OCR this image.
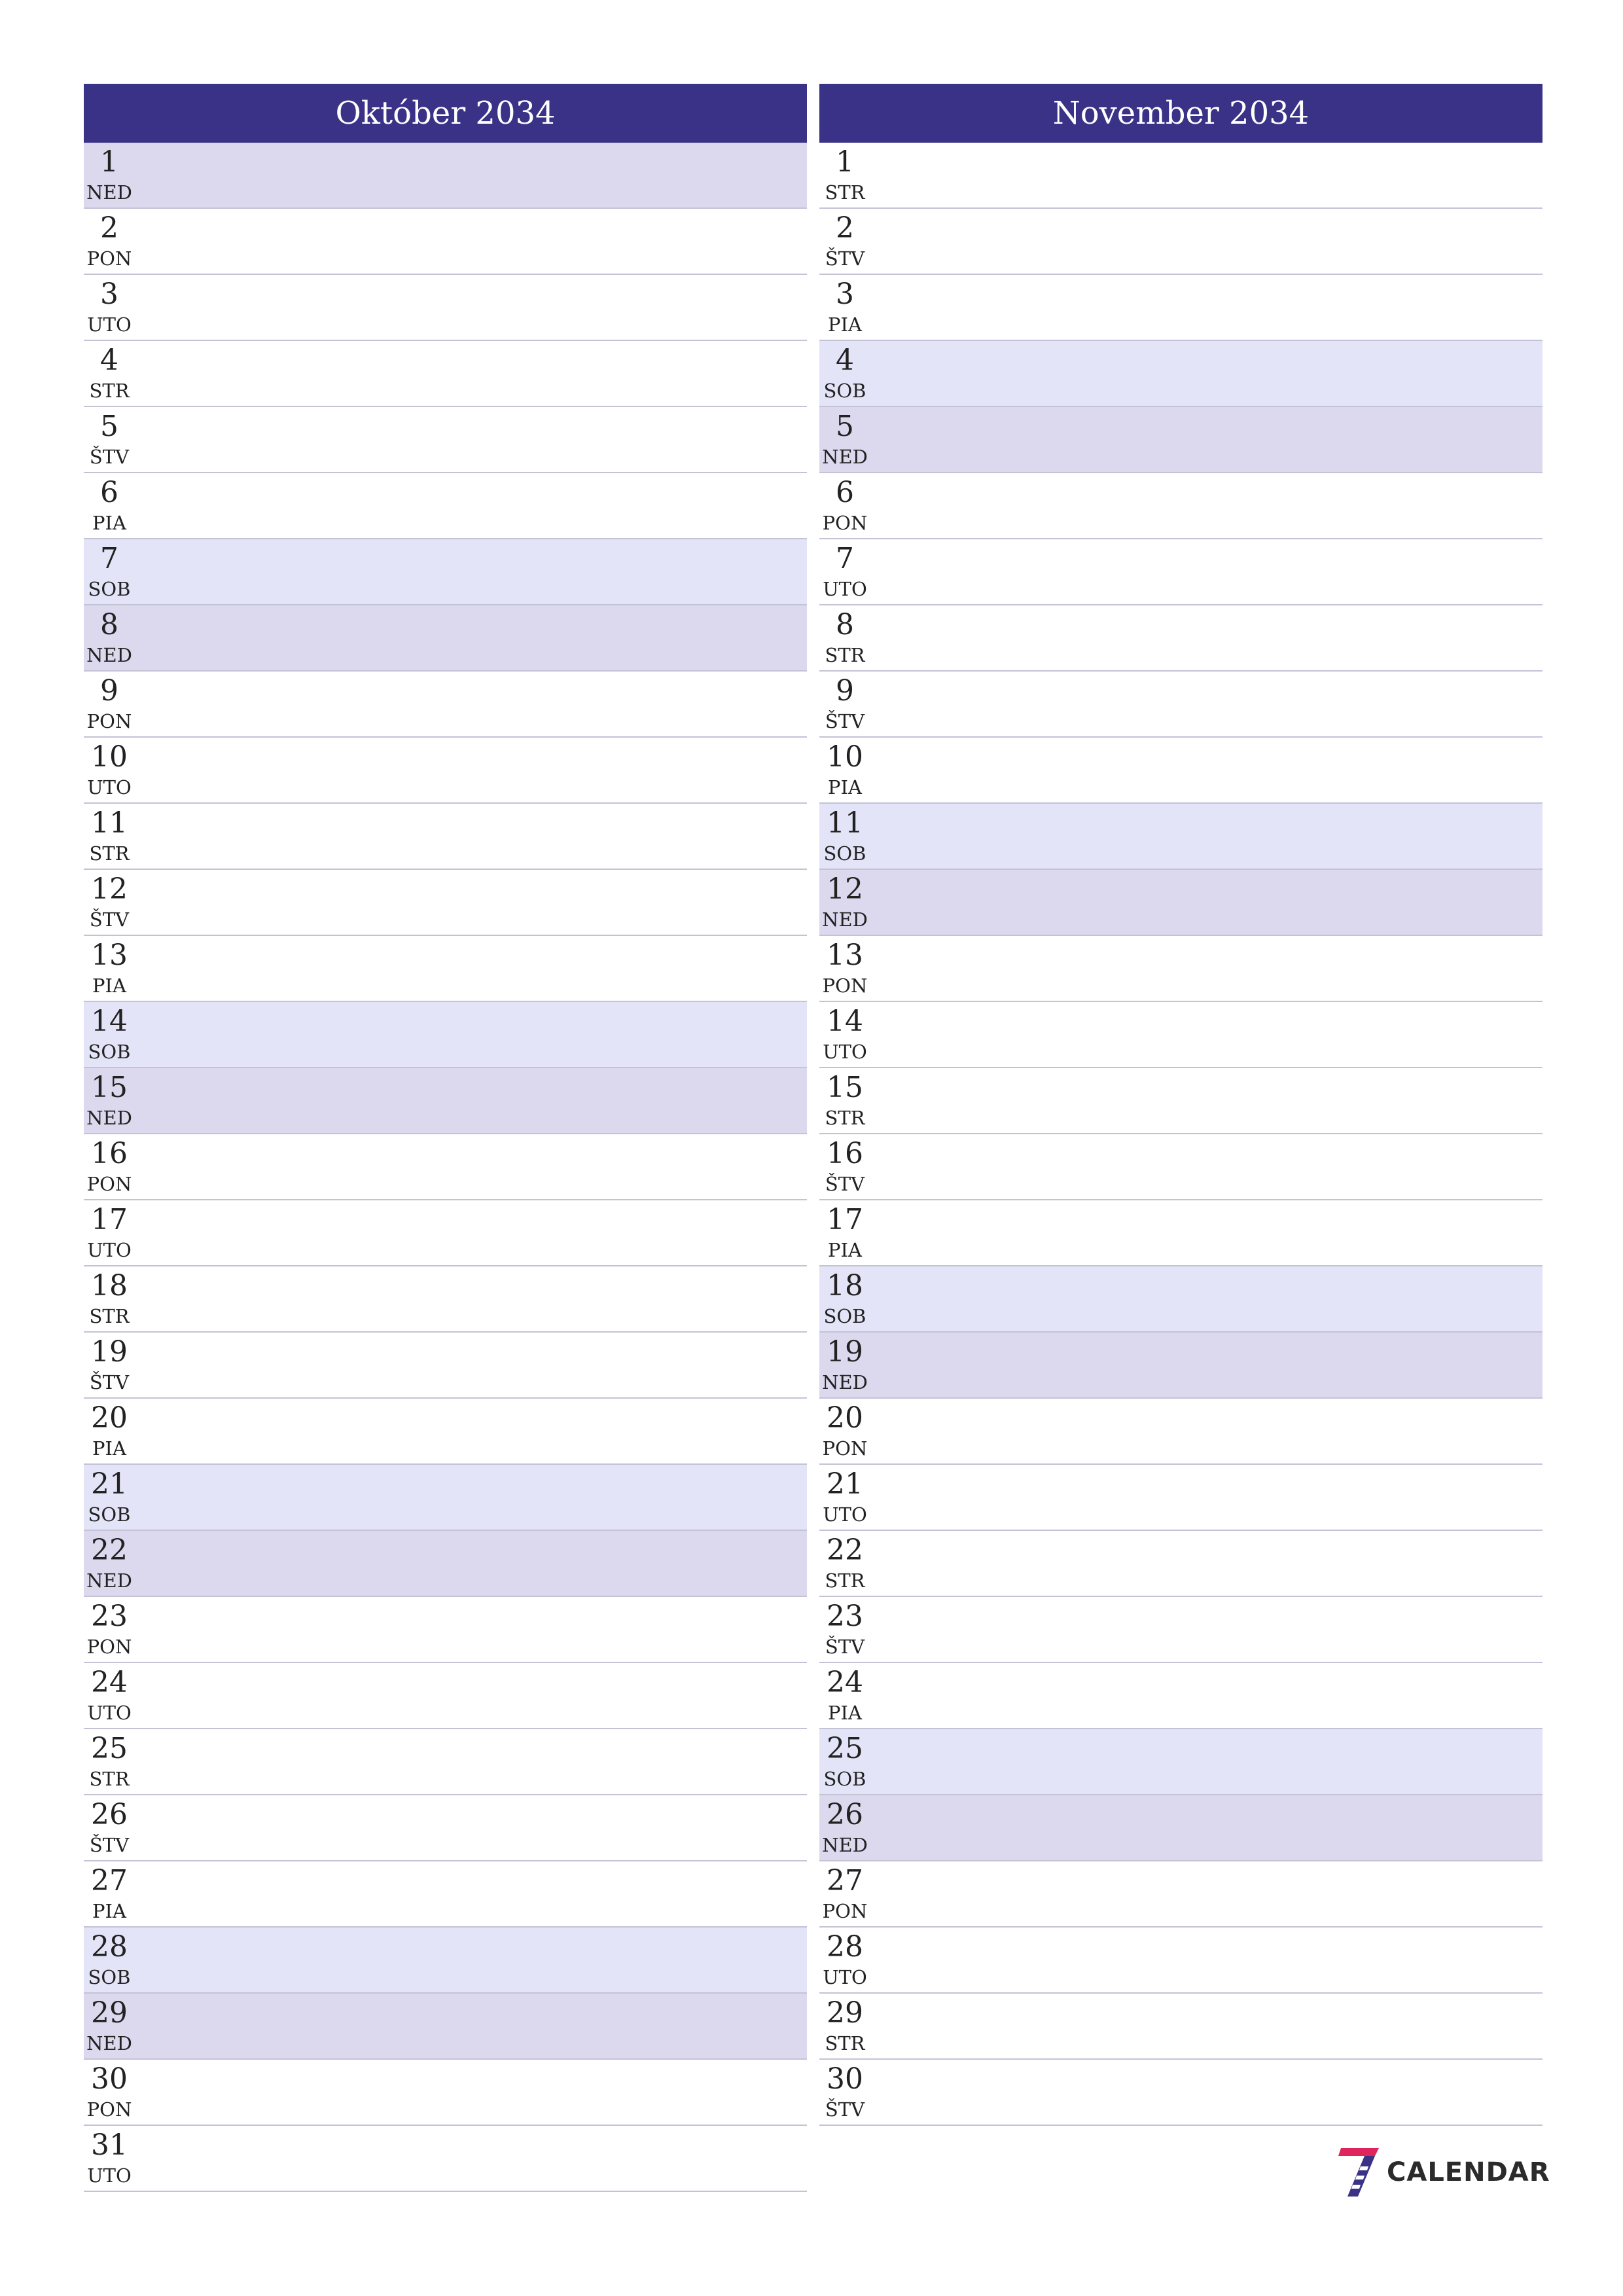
Október 2034
1
NED
2
PON
3
UTO
4
STR
5
ŠTV
6
PIA
7
SOB
8
NED
9
PON
10
UTO
11
STR
12
ŠTV
13
PIA
14
SOB
15
NED
16
PON
17
UTO
18
STR
19
ŠTV
20
PIA
21
SOB
22
NED
23
PON
24
UTO
25
STR
26
ŠTV
27
PIA
28
SOB
29
NED
30
PON
31
UTO
November 2034
1
STR
2
ŠTV
3
PIA
4
SOB
5
NED
6
PON
7
UTO
8
STR
9
ŠTV
10
PIA
11
SOB
12
NED
13
PON
14
UTO
15
STR
16
ŠTV
17
PIA
18
SOB
19
NED
20
PON
21
UTO
22
STR
23
ŠTV
24
PIA
25
SOB
26
NED
27
PON
28
UTO
29
STR
30
ŠTV
CALENDAR
